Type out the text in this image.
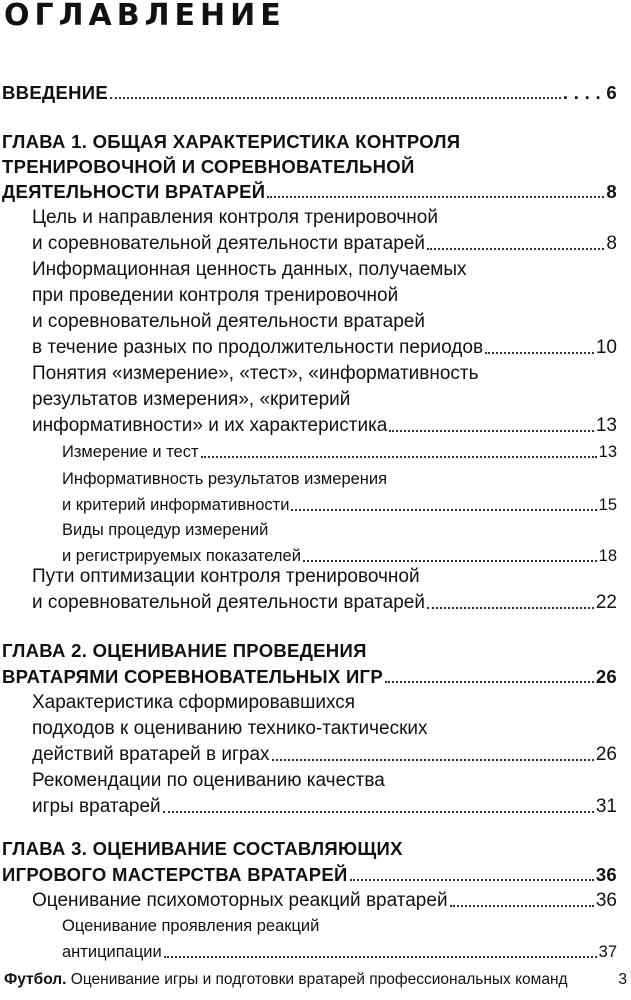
ОГЛАВЛЕНИЕ
ВВЕДЕНИЕ	. . . . 6
ГЛАВА 1. ОБЩАЯ ХАРАКТЕРИСТИКА КОНТРОЛЯ
ТРЕНИРОВОЧНОЙ И СОРЕВНОВАТЕЛЬНОЙ
ДЕЯТЕЛЬНОСТИ ВРАТАРЕЙ	8
Цель и направления контроля тренировочной
и соревновательной деятельности вратарей	8
Информационная ценность данных, получаемых
при проведении контроля тренировочной
и соревновательной деятельности вратарей
в течение разных по продолжительности периодов	10
Понятия «измерение», «тест», «информативность
результатов измерения», «критерий
информативности» и их характеристика	13
Измерение и тест	13
Информативность результатов измерения
и критерий информативности	15
Виды процедур измерений
и регистрируемых показателей	18
Пути оптимизации контроля тренировочной
и соревновательной деятельности вратарей	22
ГЛАВА 2. ОЦЕНИВАНИЕ ПРОВЕДЕНИЯ
ВРАТАРЯМИ СОРЕВНОВАТЕЛЬНЫХ ИГР	26
Характеристика сформировавшихся
подходов к оцениванию технико-тактических
действий вратарей в играх	26
Рекомендации по оцениванию качества
игры вратарей	31
ГЛАВА 3. ОЦЕНИВАНИЕ СОСТАВЛЯЮЩИХ
ИГРОВОГО МАСТЕРСТВА ВРАТАРЕЙ	36
Оценивание психомоторных реакций вратарей	36
Оценивание проявления реакций
антиципации	37
Футбол. Оценивание игры и подготовки вратарей профессиональных команд	3
